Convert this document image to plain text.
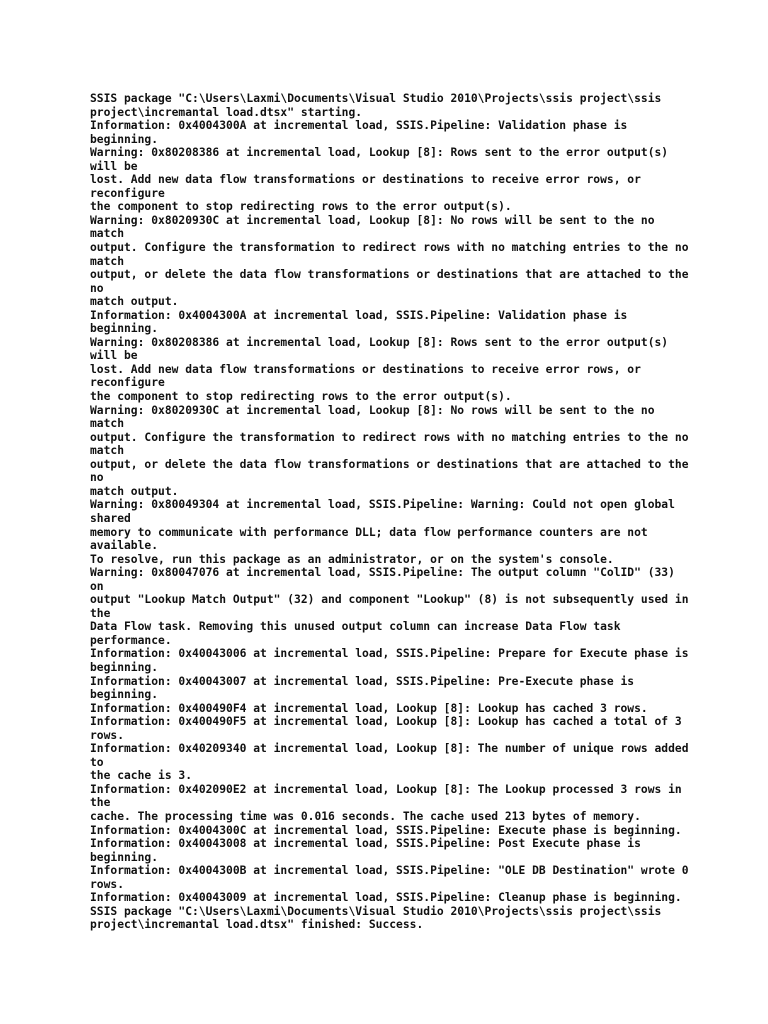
SSIS package "C:\Users\Laxmi\Documents\Visual Studio 2010\Projects\ssis project\ssis
project\incremantal load.dtsx" starting.

Information: 0x4004300A at incremental load, SSIS.Pipeline: Validation phase is beginning.

Warning: 0x80208386 at incremental load, Lookup [8]: Rows sent to the error output(s) will be
lost. Add new data flow transformations or destinations to receive error rows, or reconfigure
the component to stop redirecting rows to the error output(s).

Warning: 0x8020930C at incremental load, Lookup [8]: No rows will be sent to the no match
output. Configure the transformation to redirect rows with no matching entries to the no match
output, or delete the data flow transformations or destinations that are attached to the no
match output.

Information: 0x4004300A at incremental load, SSIS.Pipeline: Validation phase is beginning.

Warning: 0x80208386 at incremental load, Lookup [8]: Rows sent to the error output(s) will be
lost. Add new data flow transformations or destinations to receive error rows, or reconfigure
the component to stop redirecting rows to the error output(s).

Warning: 0x8020930C at incremental load, Lookup [8]: No rows will be sent to the no match
output. Configure the transformation to redirect rows with no matching entries to the no match
output, or delete the data flow transformations or destinations that are attached to the no
match output.

Warning: 0x80049304 at incremental load, SSIS.Pipeline: Warning: Could not open global shared
memory to communicate with performance DLL; data flow performance counters are not available.
To resolve, run this package as an administrator, or on the system's console.

Warning: 0x80047076 at incremental load, SSIS.Pipeline: The output column "ColID" (33) on
output "Lookup Match Output" (32) and component "Lookup" (8) is not subsequently used in the
Data Flow task. Removing this unused output column can increase Data Flow task performance.

Information: 0x40043006 at incremental load, SSIS.Pipeline: Prepare for Execute phase is
beginning.

Information: 0x40043007 at incremental load, SSIS.Pipeline: Pre-Execute phase is beginning.

Information: 0x400490F4 at incremental load, Lookup [8]: Lookup has cached 3 rows.

Information: 0x400490F5 at incremental load, Lookup [8]: Lookup has cached a total of 3 rows.

Information: 0x40209340 at incremental load, Lookup [8]: The number of unique rows added to
the cache is 3.

Information: 0x402090E2 at incremental load, Lookup [8]: The Lookup processed 3 rows in the
cache. The processing time was 0.016 seconds. The cache used 213 bytes of memory.

Information: 0x4004300C at incremental load, SSIS.Pipeline: Execute phase is beginning.

Information: 0x40043008 at incremental load, SSIS.Pipeline: Post Execute phase is beginning.

Information: 0x4004300B at incremental load, SSIS.Pipeline: "OLE DB Destination" wrote 0 rows.

Information: 0x40043009 at incremental load, SSIS.Pipeline: Cleanup phase is beginning.

SSIS package "C:\Users\Laxmi\Documents\Visual Studio 2010\Projects\ssis project\ssis
project\incremantal load.dtsx" finished: Success.
